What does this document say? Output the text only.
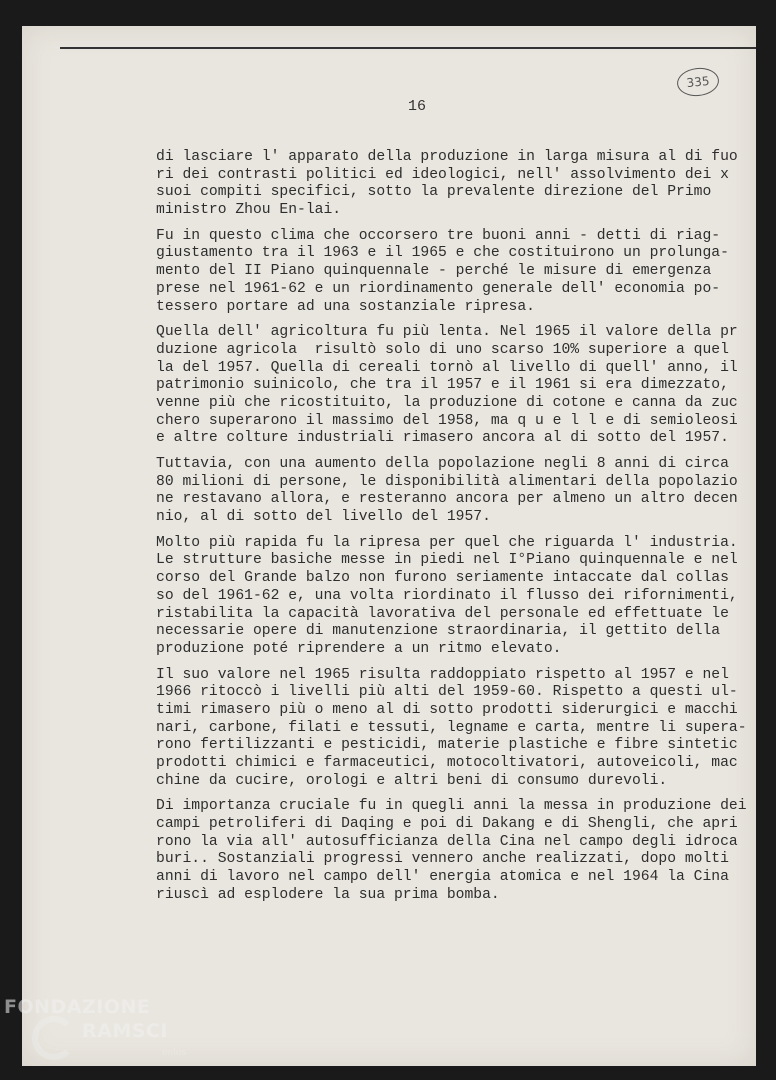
335
16
di lasciare l' apparato della produzione in larga misura al di fuo
ri dei contrasti politici ed ideologici, nell' assolvimento dei x
suoi compiti specifici, sotto la prevalente direzione del Primo
ministro Zhou En-lai.
Fu in questo clima che occorsero tre buoni anni - detti di riag-
giustamento tra il 1963 e il 1965 e che costituirono un prolunga-
mento del II Piano quinquennale - perché le misure di emergenza
prese nel 1961-62 e un riordinamento generale dell' economia po-
tessero portare ad una sostanziale ripresa.
Quella dell' agricoltura fu più lenta. Nel 1965 il valore della pr
duzione agricola  risultò solo di uno scarso 10% superiore a quel
la del 1957. Quella di cereali tornò al livello di quell' anno, il
patrimonio suinicolo, che tra il 1957 e il 1961 si era dimezzato,
venne più che ricostituito, la produzione di cotone e canna da zuc
chero superarono il massimo del 1958, ma q u e l l e di semioleosi
e altre colture industriali rimasero ancora al di sotto del 1957.
Tuttavia, con una aumento della popolazione negli 8 anni di circa
80 milioni di persone, le disponibilità alimentari della popolazio
ne restavano allora, e resteranno ancora per almeno un altro decen
nio, al di sotto del livello del 1957.
Molto più rapida fu la ripresa per quel che riguarda l' industria.
Le strutture basiche messe in piedi nel I°Piano quinquennale e nel
corso del Grande balzo non furono seriamente intaccate dal collas
so del 1961-62 e, una volta riordinato il flusso dei rifornimenti,
ristabilita la capacità lavorativa del personale ed effettuate le
necessarie opere di manutenzione straordinaria, il gettito della
produzione poté riprendere a un ritmo elevato.
Il suo valore nel 1965 risulta raddoppiato rispetto al 1957 e nel
1966 ritoccò i livelli più alti del 1959-60. Rispetto a questi ul-
timi rimasero più o meno al di sotto prodotti siderurgici e macchi
nari, carbone, filati e tessuti, legname e carta, mentre li supera-
rono fertilizzanti e pesticidi, materie plastiche e fibre sintetic
prodotti chimici e farmaceutici, motocoltivatori, autoveicoli, mac
chine da cucire, orologi e altri beni di consumo durevoli.
Di importanza cruciale fu in quegli anni la messa in produzione dei
campi petroliferi di Daqing e poi di Dakang e di Shengli, che apri
rono la via all' autosufficianza della Cina nel campo degli idroca
buri.. Sostanziali progressi vennero anche realizzati, dopo molti
anni di lavoro nel campo dell' energia atomica e nel 1964 la Cina
riuscì ad esplodere la sua prima bomba.
FONDAZIONE
RAMSCI
onlus
